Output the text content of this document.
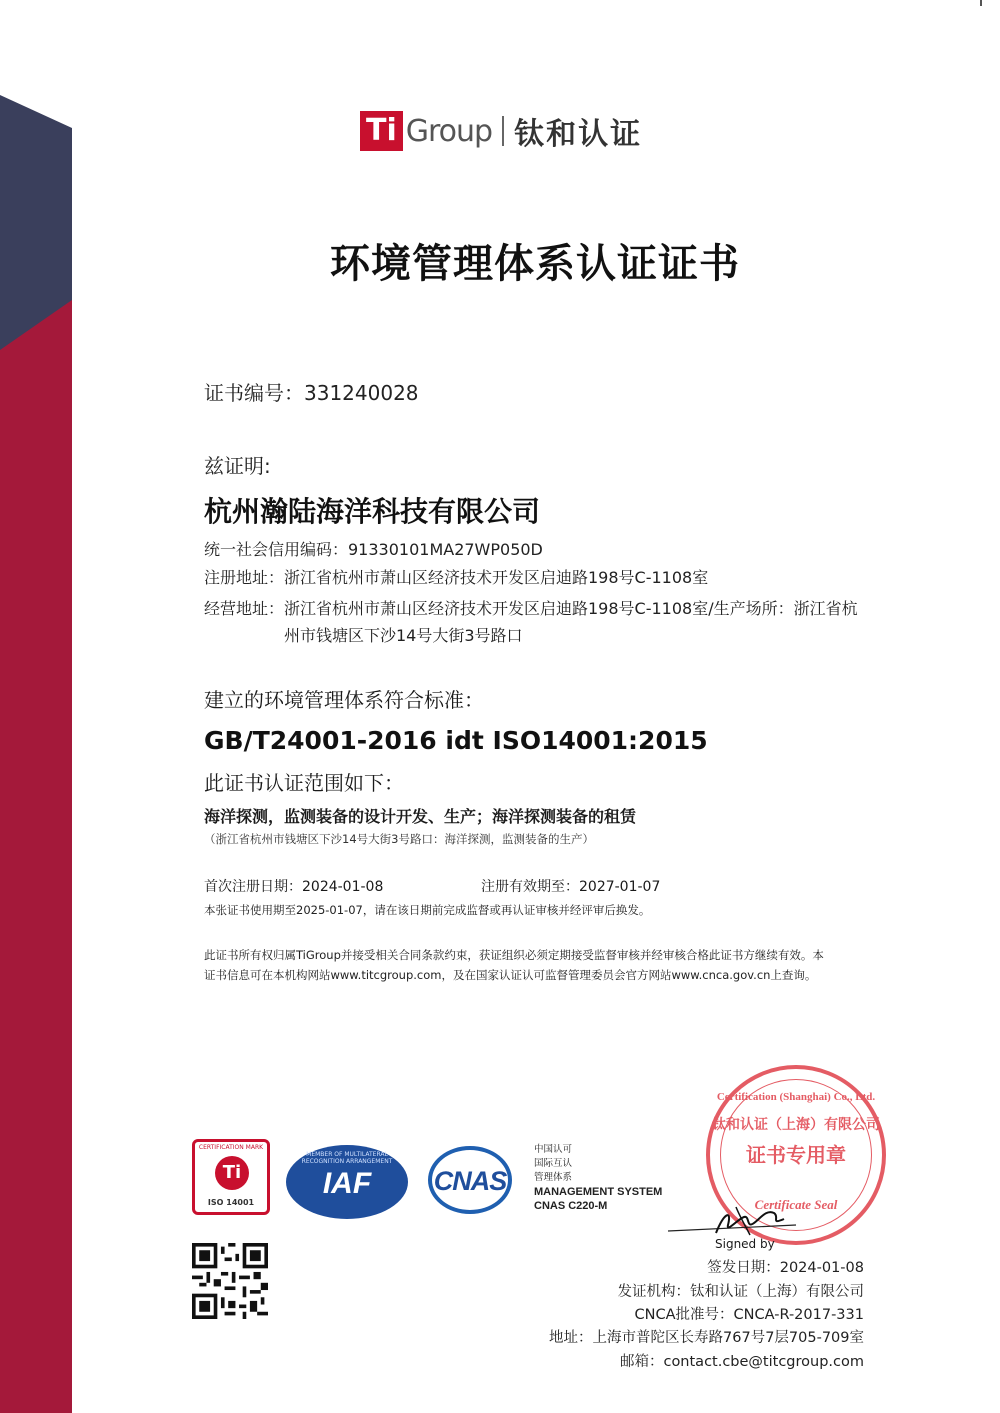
Ti Group 钛和认证
环境管理体系认证证书
证书编号：331240028
兹证明:
杭州瀚陆海洋科技有限公司
统一社会信用编码：91330101MA27WP050D
注册地址：浙江省杭州市萧山区经济技术开发区启迪路198号C-1108室
经营地址：浙江省杭州市萧山区经济技术开发区启迪路198号C-1108室/生产场所：浙江省杭
州市钱塘区下沙14号大街3号路口
建立的环境管理体系符合标准：
GB/T24001-2016 idt ISO14001:2015
此证书认证范围如下：
海洋探测，监测装备的设计开发、生产；海洋探测装备的租赁
（浙江省杭州市钱塘区下沙14号大街3号路口：海洋探测，监测装备的生产）
首次注册日期：2024-01-08	注册有效期至：2027-01-07
本张证书使用期至2025-01-07，请在该日期前完成监督或再认证审核并经评审后换发。
此证书所有权归属TiGroup并接受相关合同条款约束，获证组织必须定期接受监督审核并经审核合格此证书方继续有效。本
证书信息可在本机构网站www.titcgroup.com，及在国家认证认可监督管理委员会官方网站www.cnca.gov.cn上查询。
CERTIFICATION MARK
Ti
ISO 14001
MEMBER OF MULTILATERAL RECOGNITION ARRANGEMENT
IAF	CNAS
中国认可
国际互认
管理体系
MANAGEMENT SYSTEM
CNAS C220-M
Certification (Shanghai) Co., Ltd.
钛和认证（上海）有限公司
证书专用章
Certificate Seal
Signed by
签发日期：2024-01-08
发证机构：钛和认证（上海）有限公司
CNCA批准号：CNCA-R-2017-331
地址：上海市普陀区长寿路767号7层705-709室
邮箱：contact.cbe@titcgroup.com
